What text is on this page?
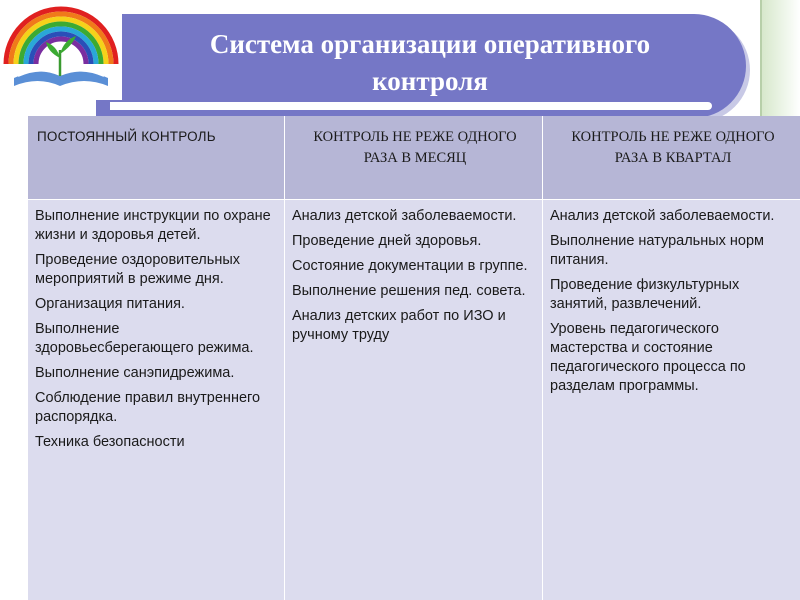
Система организации оперативного контроля
ПОСТОЯННЫЙ КОНТРОЛЬ	КОНТРОЛЬ НЕ РЕЖЕ ОДНОГО РАЗА В МЕСЯЦ
КОНТРОЛЬ НЕ РЕЖЕ ОДНОГО РАЗА В КВАРТАЛ
Выполнение инструкции по охране жизни и здоровья детей.
Проведение оздоровительных мероприятий в режиме дня.
Организация питания.
Выполнение здоровьесберегающего режима.
Выполнение санэпидрежима.
Соблюдение правил внутреннего распорядка.
Техника безопасности
Анализ детской заболеваемости.
Проведение дней здоровья.
Состояние документации в группе.
Выполнение решения пед. совета.
Анализ детских работ по ИЗО и ручному труду
Анализ детской заболеваемости.
Выполнение натуральных норм питания.
Проведение физкультурных занятий, развлечений.
Уровень педагогического мастерства и состояние педагогического процесса по разделам программы.
